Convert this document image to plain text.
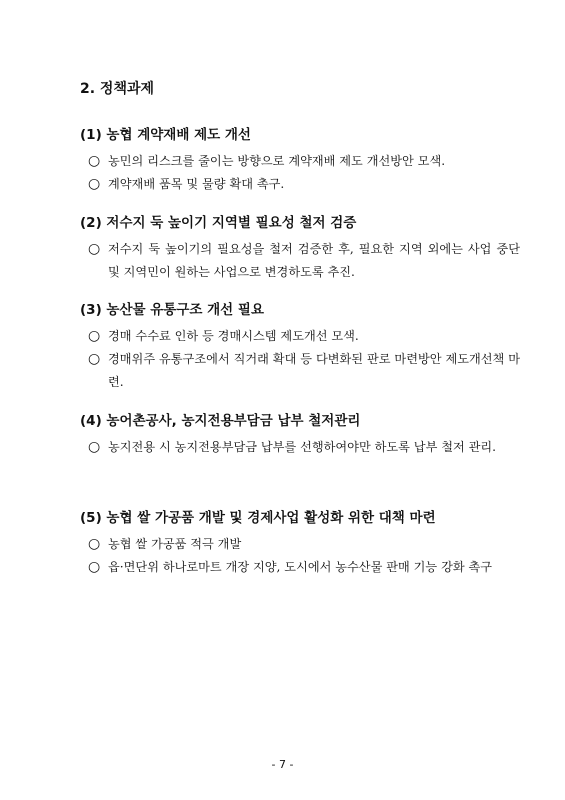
2. 정책과제
(1) 농협 계약재배 제도 개선
○ 농민의 리스크를 줄이는 방향으로 계약재배 제도 개선방안 모색.
○ 계약재배 품목 및 물량 확대 촉구.
(2) 저수지 둑 높이기 지역별 필요성 철저 검증
○ 저수지 둑 높이기의 필요성을 철저 검증한 후, 필요한 지역 외에는 사업 중단 및 지역민이 원하는 사업으로 변경하도록 추진.
(3) 농산물 유통구조 개선 필요
○ 경매 수수료 인하 등 경매시스템 제도개선 모색.
○ 경매위주 유통구조에서 직거래 확대 등 다변화된 판로 마련방안 제도개선책 마련.
(4) 농어촌공사, 농지전용부담금 납부 철저관리
○ 농지전용 시 농지전용부담금 납부를 선행하여야만 하도록 납부 철저 관리.
(5) 농협 쌀 가공품 개발 및 경제사업 활성화 위한 대책 마련
○ 농협 쌀 가공품 적극 개발
○ 읍·면단위 하나로마트 개장 지양, 도시에서 농수산물 판매 기능 강화 촉구
- 7 -
